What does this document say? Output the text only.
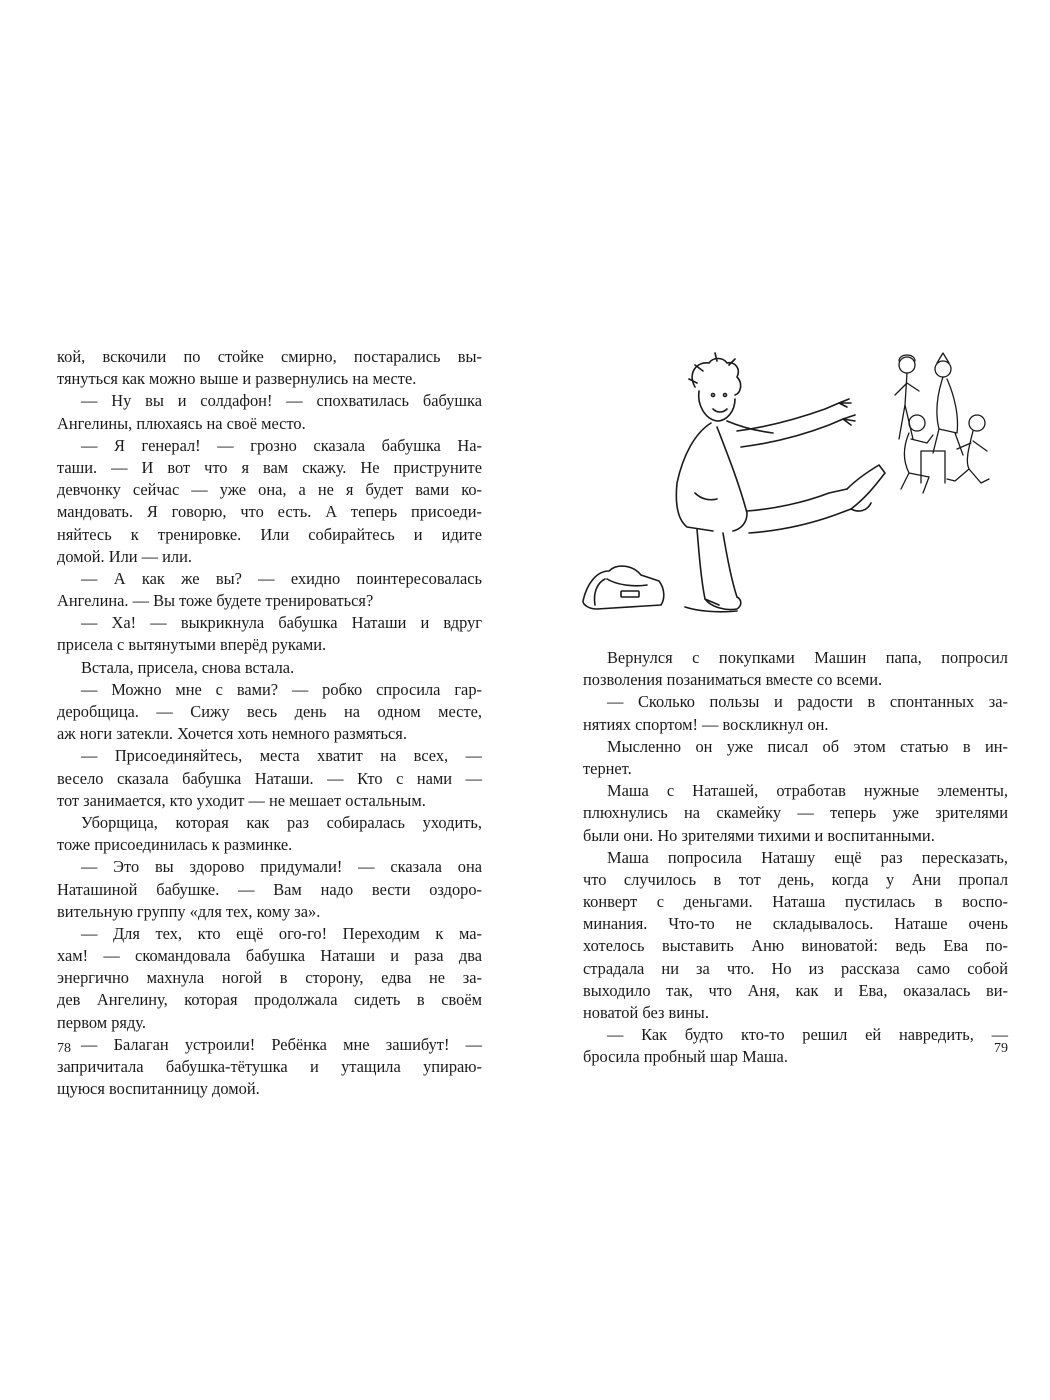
кой, вскочили по стойке смирно, постарались вы-
тянуться как можно выше и развернулись на месте.
— Ну вы и солдафон! — спохватилась бабушка
Ангелины, плюхаясь на своё место.
— Я генерал! — грозно сказала бабушка На-
таши. — И вот что я вам скажу. Не приструните
девчонку сейчас — уже она, а не я будет вами ко-
мандовать. Я говорю, что есть. А теперь присоеди-
няйтесь к тренировке. Или собирайтесь и идите
домой. Или — или.
— А как же вы? — ехидно поинтересовалась
Ангелина. — Вы тоже будете тренироваться?
— Ха! — выкрикнула бабушка Наташи и вдруг
присела с вытянутыми вперёд руками.
Встала, присела, снова встала.
— Можно мне с вами? — робко спросила гар-
деробщица. — Сижу весь день на одном месте,
аж ноги затекли. Хочется хоть немного размяться.
— Присоединяйтесь, места хватит на всех, —
весело сказала бабушка Наташи. — Кто с нами —
тот занимается, кто уходит — не мешает остальным.
Уборщица, которая как раз собиралась уходить,
тоже присоединилась к разминке.
— Это вы здорово придумали! — сказала она
Наташиной бабушке. — Вам надо вести оздоро-
вительную группу «для тех, кому за».
— Для тех, кто ещё ого-го! Переходим к ма-
хам! — скомандовала бабушка Наташи и раза два
энергично махнула ногой в сторону, едва не за-
дев Ангелину, которая продолжала сидеть в своём
первом ряду.
— Балаган устроили! Ребёнка мне зашибут! —
запричитала бабушка-тётушка и утащила упираю-
щуюся воспитанницу домой.
78
Вернулся с покупками Машин папа, попросил
позволения позаниматься вместе со всеми.
— Сколько пользы и радости в спонтанных за-
нятиях спортом! — воскликнул он.
Мысленно он уже писал об этом статью в ин-
тернет.
Маша с Наташей, отработав нужные элементы,
плюхнулись на скамейку — теперь уже зрителями
были они. Но зрителями тихими и воспитанными.
Маша попросила Наташу ещё раз пересказать,
что случилось в тот день, когда у Ани пропал
конверт с деньгами. Наташа пустилась в воспо-
минания. Что-то не складывалось. Наташе очень
хотелось выставить Аню виноватой: ведь Ева по-
страдала ни за что. Но из рассказа само собой
выходило так, что Аня, как и Ева, оказалась ви-
новатой без вины.
— Как будто кто-то решил ей навредить, —
бросила пробный шар Маша.	79
